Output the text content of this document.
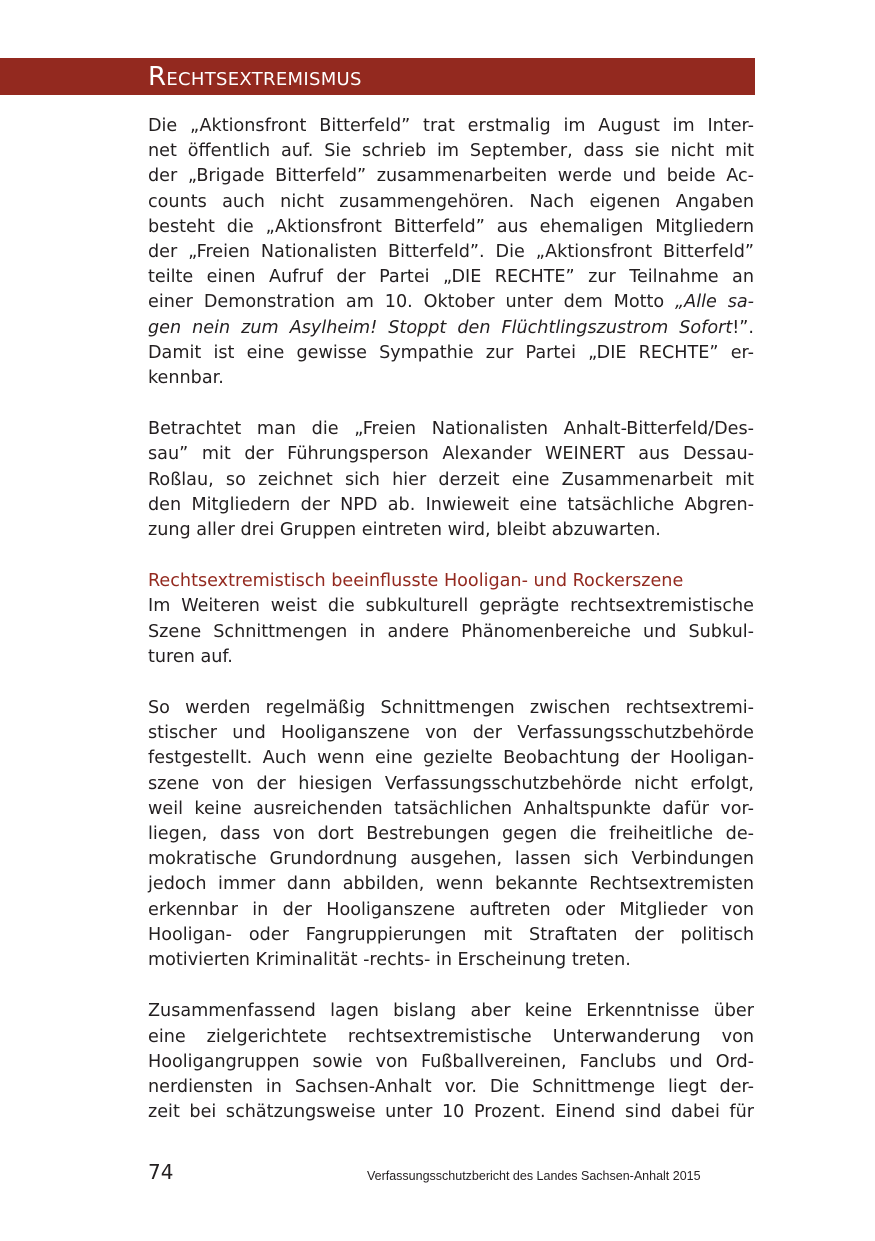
Rechtsextremismus
Die „Aktionsfront Bitterfeld” trat erstmalig im August im Inter-
net öffentlich auf. Sie schrieb im September, dass sie nicht mit
der „Brigade Bitterfeld” zusammenarbeiten werde und beide Ac-
counts auch nicht zusammengehören. Nach eigenen Angaben
besteht die „Aktionsfront Bitterfeld” aus ehemaligen Mitgliedern
der „Freien Nationalisten Bitterfeld”. Die „Aktionsfront Bitterfeld”
teilte einen Aufruf der Partei „DIE RECHTE” zur Teilnahme an
einer Demonstration am 10. Oktober unter dem Motto „Alle sa-
gen nein zum Asylheim! Stoppt den Flüchtlingszustrom Sofort!”.
Damit ist eine gewisse Sympathie zur Partei „DIE RECHTE” er-
kennbar.
Betrachtet man die „Freien Nationalisten Anhalt-Bitterfeld/Des-
sau” mit der Führungsperson Alexander WEINERT aus Dessau-
Roßlau, so zeichnet sich hier derzeit eine Zusammenarbeit mit
den Mitgliedern der NPD ab. Inwieweit eine tatsächliche Abgren-
zung aller drei Gruppen eintreten wird, bleibt abzuwarten.
Rechtsextremistisch beeinflusste Hooligan- und Rockerszene
Im Weiteren weist die subkulturell geprägte rechtsextremistische
Szene Schnittmengen in andere Phänomenbereiche und Subkul-
turen auf.
So werden regelmäßig Schnittmengen zwischen rechtsextremi-
stischer und Hooliganszene von der Verfassungsschutzbehörde
festgestellt. Auch wenn eine gezielte Beobachtung der Hooligan-
szene von der hiesigen Verfassungsschutzbehörde nicht erfolgt,
weil keine ausreichenden tatsächlichen Anhaltspunkte dafür vor-
liegen, dass von dort Bestrebungen gegen die freiheitliche de-
mokratische Grundordnung ausgehen, lassen sich Verbindungen
jedoch immer dann abbilden, wenn bekannte Rechtsextremisten
erkennbar in der Hooliganszene auftreten oder Mitglieder von
Hooligan- oder Fangruppierungen mit Straftaten der politisch
motivierten Kriminalität -rechts- in Erscheinung treten.
Zusammenfassend lagen bislang aber keine Erkenntnisse über
eine zielgerichtete rechtsextremistische Unterwanderung von
Hooligangruppen sowie von Fußballvereinen, Fanclubs und Ord-
nerdiensten in Sachsen-Anhalt vor. Die Schnittmenge liegt der-
zeit bei schätzungsweise unter 10 Prozent. Einend sind dabei für
74	Verfassungsschutzbericht des Landes Sachsen-Anhalt 2015
